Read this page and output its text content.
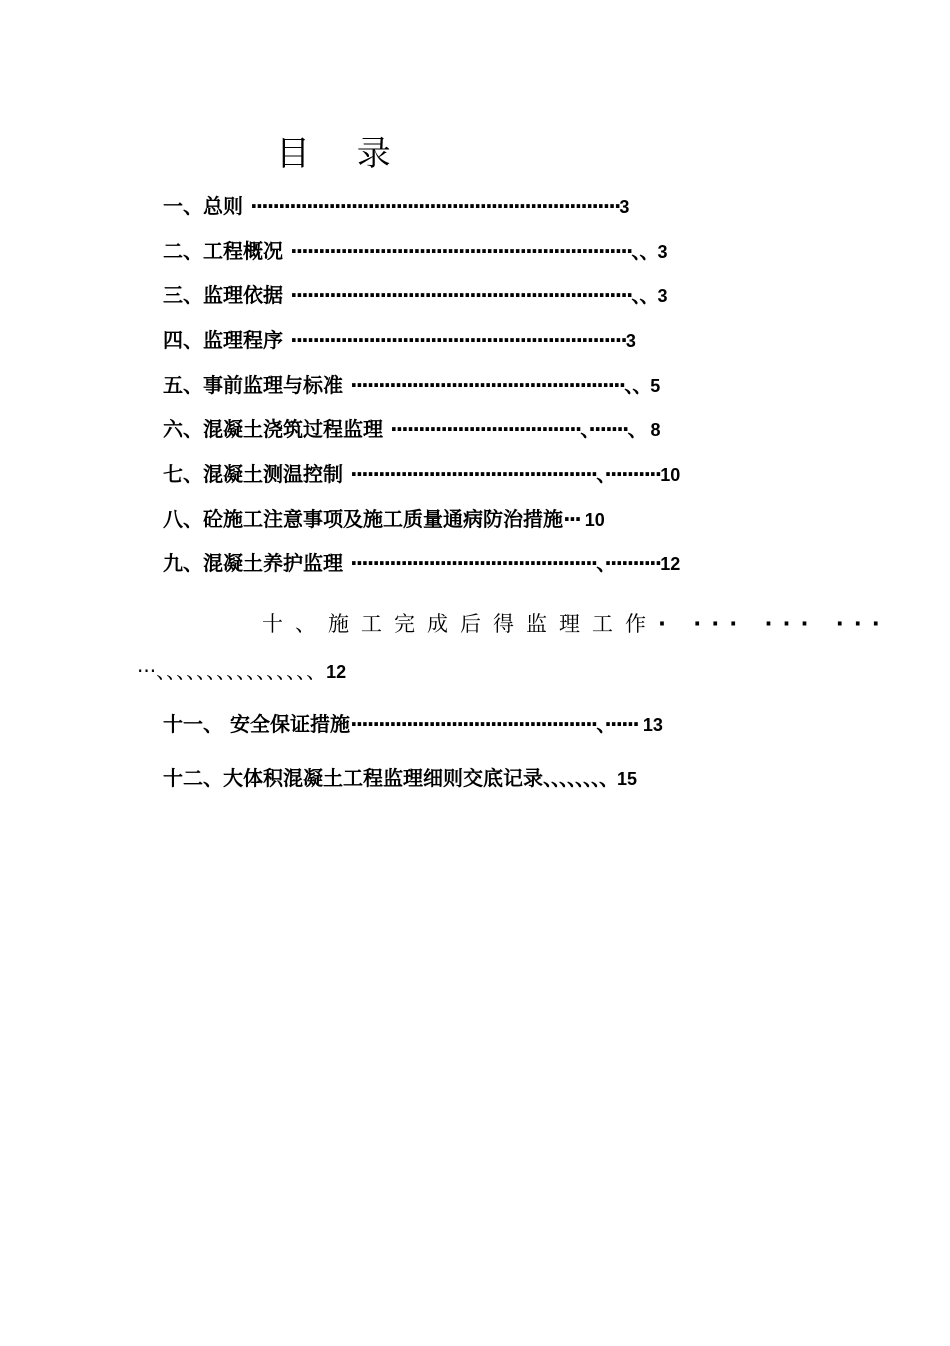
目 录
一、总则 ··································································3
二、工程概况 ·····························································、、3
三、监理依据 ·····························································、、3
四、监理程序 ····························································3
五、事前监理与标准 ·················································、、5
六、混凝土浇筑过程监理 ··································、·······、 8
七、混凝土测温控制 ············································、··········10
八、砼施工注意事项及施工质量通病防治措施··· 10
九、混凝土养护监理 ············································、··········12
十、施工完成后得监理工作· ··· ··· ···
···、、、、、、、、、、、、、、、、12
十一、 安全保证措施············································、······ 13
十二、大体积混凝土工程监理细则交底记录、、、、、、、、15
